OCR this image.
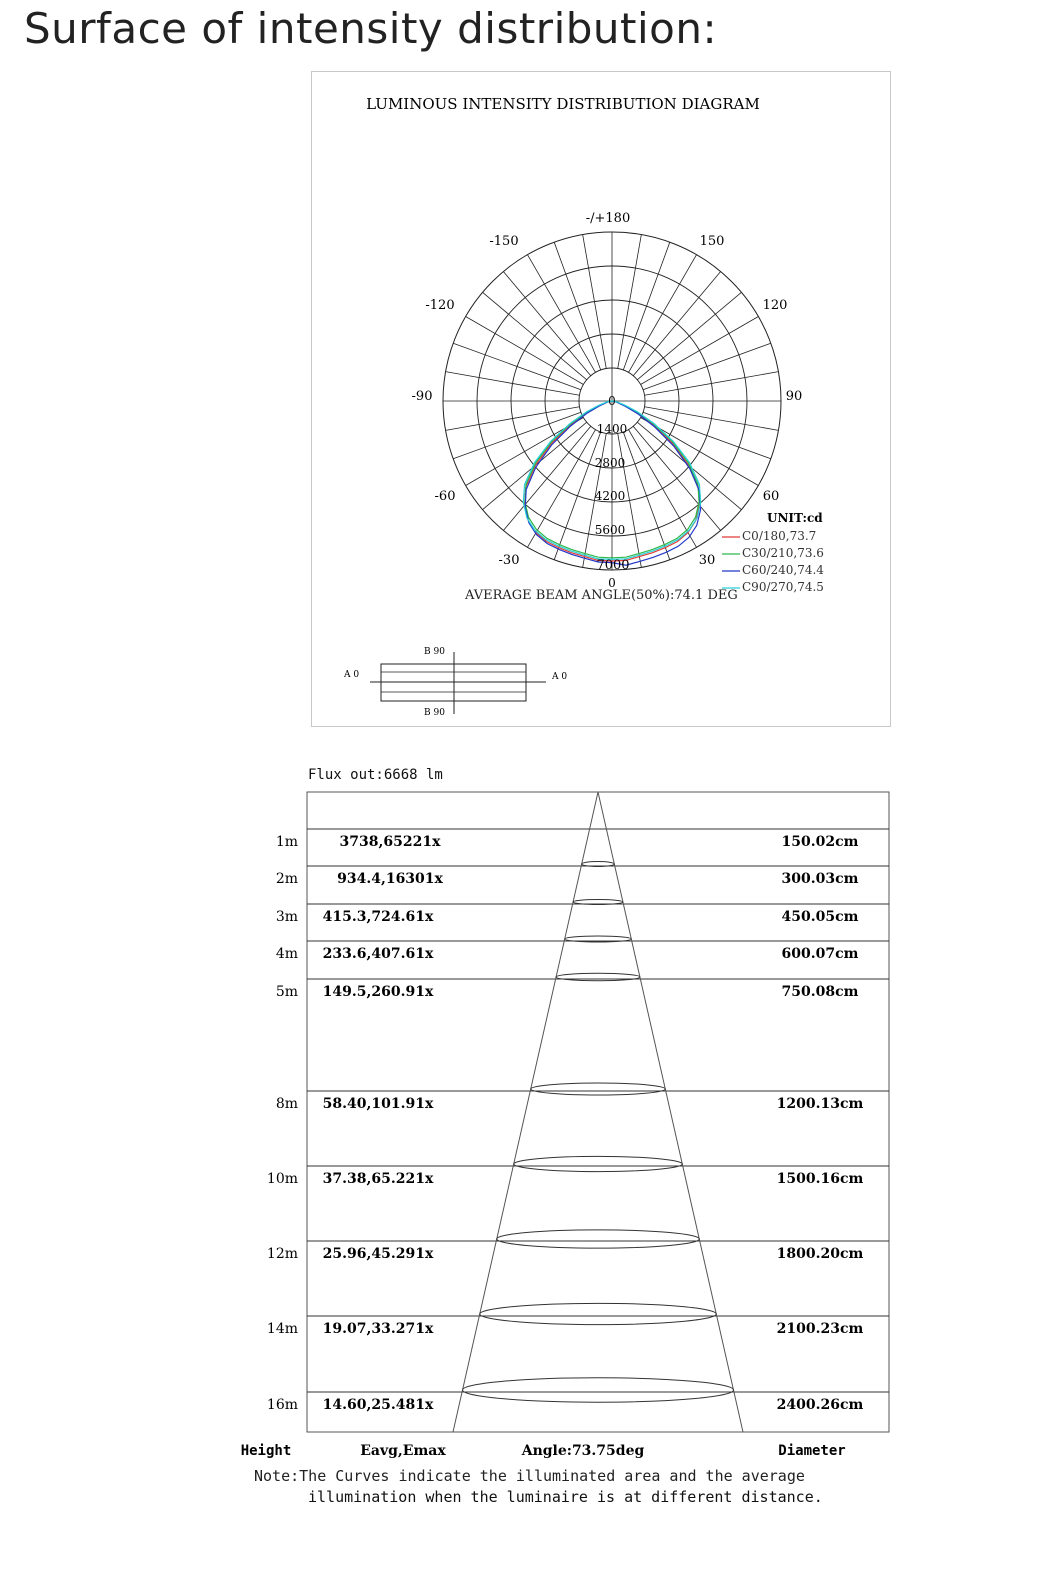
Surface of intensity distribution:
LUMINOUS INTENSITY DISTRIBUTION DIAGRAM
-/+180
-150	150
-120	120
-90	90
-60	60
-30	30
0
0
1400
2800
4200
5600
7000
UNIT:cd
C0/180,73.7
C30/210,73.6
C60/240,74.4
C90/270,74.5
AVERAGE BEAM ANGLE(50%):74.1 DEG
A 0	A 0
B 90
B 90
Flux out:6668 lm
1m	3738,65221x	150.02cm
2m	934.4,16301x	300.03cm
3m 415.3,724.61x	450.05cm
4m 233.6,407.61x	600.07cm
5m 149.5,260.91x	750.08cm
8m 58.40,101.91x	1200.13cm
10m 37.38,65.221x	1500.16cm
12m 25.96,45.291x	1800.20cm
14m 19.07,33.271x	2100.23cm
16m 14.60,25.481x	2400.26cm
Height	Eavg,Emax	Angle:73.75deg	Diameter
Note:The Curves indicate the illuminated area and the average
illumination when the luminaire is at different distance.
